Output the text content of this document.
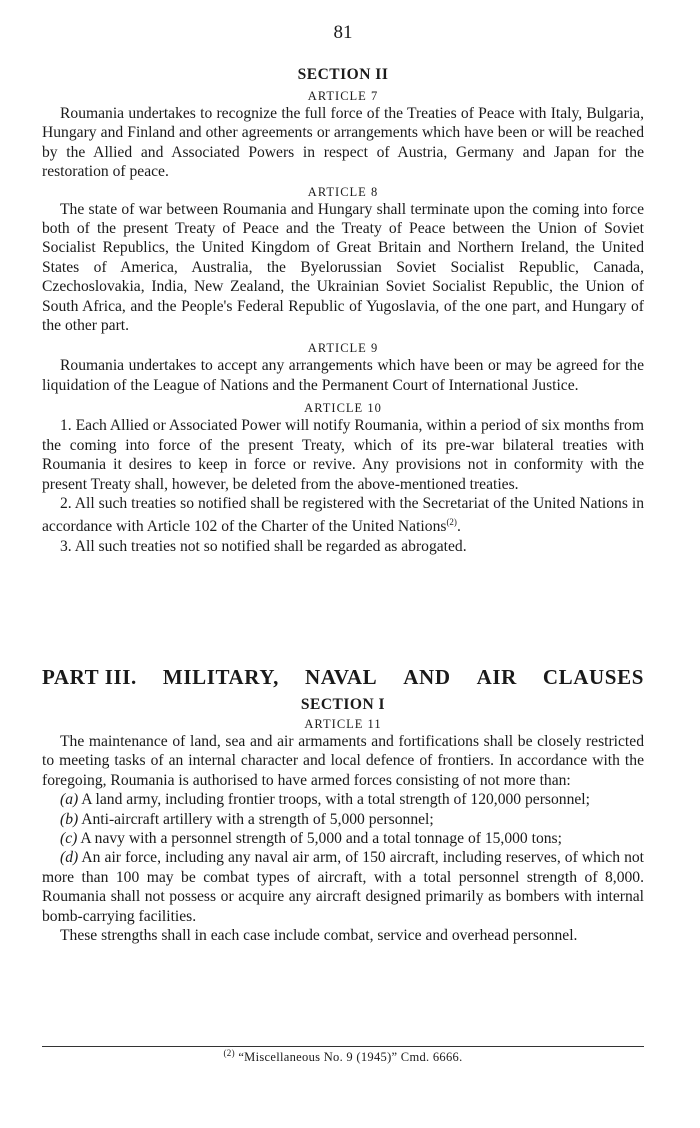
81
SECTION II
ARTICLE 7

Roumania undertakes to recognize the full force of the Treaties of Peace with Italy, Bulgaria, Hungary and Finland and other agreements or arrangements which have been or will be reached by the Allied and Associated Powers in respect of Austria, Germany and Japan for the restoration of peace.

ARTICLE 8

The state of war between Roumania and Hungary shall terminate upon the coming into force both of the present Treaty of Peace and the Treaty of Peace between the Union of Soviet Socialist Republics, the United Kingdom of Great Britain and Northern Ireland, the United States of America, Australia, the Byelorussian Soviet Socialist Republic, Canada, Czechoslovakia, India, New Zealand, the Ukrainian Soviet Socialist Republic, the Union of South Africa, and the People's Federal Republic of Yugoslavia, of the one part, and Hungary of the other part.

ARTICLE 9

Roumania undertakes to accept any arrangements which have been or may be agreed for the liquidation of the League of Nations and the Permanent Court of International Justice.

ARTICLE 10

1. Each Allied or Associated Power will notify Roumania, within a period of six months from the coming into force of the present Treaty, which of its pre-war bilateral treaties with Roumania it desires to keep in force or revive. Any provisions not in conformity with the present Treaty shall, however, be deleted from the above-mentioned treaties.

2. All such treaties so notified shall be registered with the Secretariat of the United Nations in accordance with Article 102 of the Charter of the United Nations$^{(2)}$.

3. All such treaties not so notified shall be regarded as abrogated.

PART III. MILITARY, NAVAL AND AIR CLAUSES
SECTION I
ARTICLE 11

The maintenance of land, sea and air armaments and fortifications shall be closely restricted to meeting tasks of an internal character and local defence of frontiers. In accordance with the foregoing, Roumania is authorised to have armed forces consisting of not more than:

(a) A land army, including frontier troops, with a total strength of 120,000 personnel;

(b) Anti-aircraft artillery with a strength of 5,000 personnel;

(c) A navy with a personnel strength of 5,000 and a total tonnage of 15,000 tons;

(d) An air force, including any naval air arm, of 150 aircraft, including reserves, of which not more than 100 may be combat types of aircraft, with a total personnel strength of 8,000. Roumania shall not possess or acquire any aircraft designed primarily as bombers with internal bomb-carrying facilities.

These strengths shall in each case include combat, service and overhead personnel.

$^{(2)}$ “Miscellaneous No. 9 (1945)” Cmd. 6666.
